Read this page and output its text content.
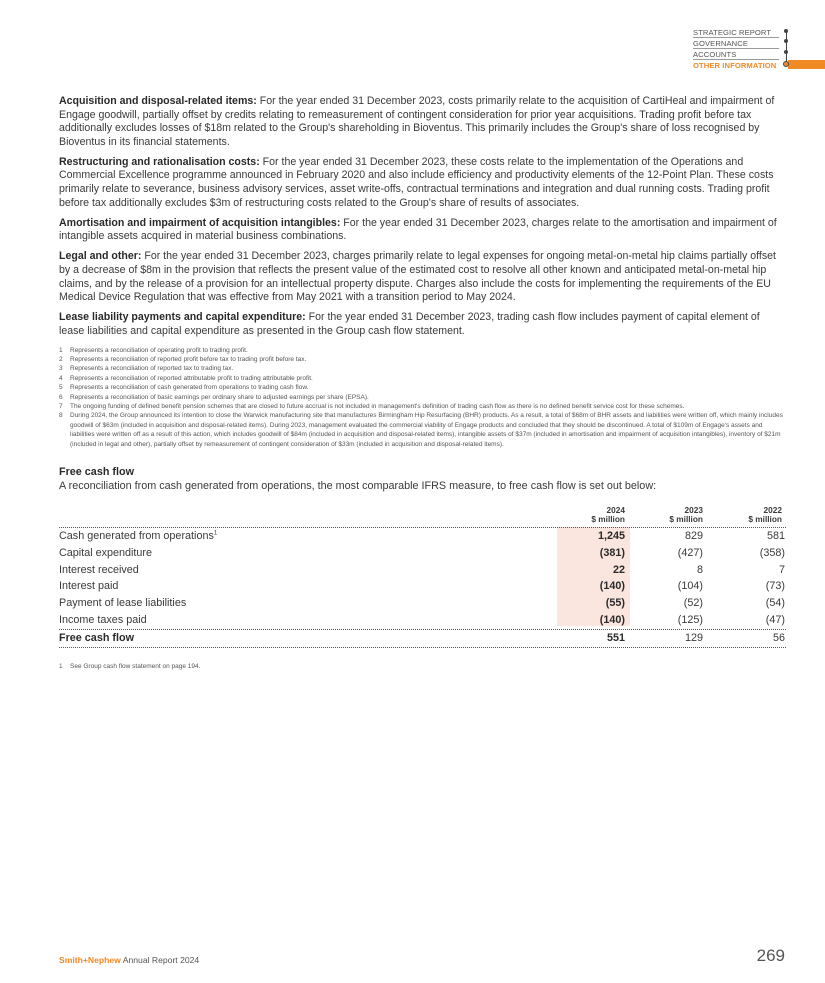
STRATEGIC REPORT
GOVERNANCE
ACCOUNTS
OTHER INFORMATION

Acquisition and disposal-related items: For the year ended 31 December 2023, costs primarily relate to the acquisition of CartiHeal and impairment of Engage goodwill, partially offset by credits relating to remeasurement of contingent consideration for prior year acquisitions. Trading profit before tax additionally excludes losses of $18m related to the Group's shareholding in Bioventus. This primarily includes the Group's share of loss recognised by Bioventus in its financial statements.

Restructuring and rationalisation costs: For the year ended 31 December 2023, these costs relate to the implementation of the Operations and Commercial Excellence programme announced in February 2020 and also include efficiency and productivity elements of the 12-Point Plan. These costs primarily relate to severance, business advisory services, asset write-offs, contractual terminations and integration and dual running costs. Trading profit before tax additionally excludes $3m of restructuring costs related to the Group's share of results of associates.

Amortisation and impairment of acquisition intangibles: For the year ended 31 December 2023, charges relate to the amortisation and impairment of intangible assets acquired in material business combinations.

Legal and other: For the year ended 31 December 2023, charges primarily relate to legal expenses for ongoing metal-on-metal hip claims partially offset by a decrease of $8m in the provision that reflects the present value of the estimated cost to resolve all other known and anticipated metal-on-metal hip claims, and by the release of a provision for an intellectual property dispute. Charges also include the costs for implementing the requirements of the EU Medical Device Regulation that was effective from May 2021 with a transition period to May 2024.

Lease liability payments and capital expenditure: For the year ended 31 December 2023, trading cash flow includes payment of capital element of lease liabilities and capital expenditure as presented in the Group cash flow statement.

1	Represents a reconciliation of operating profit to trading profit.
2	Represents a reconciliation of reported profit before tax to trading profit before tax.
3	Represents a reconciliation of reported tax to trading tax.
4	Represents a reconciliation of reported attributable profit to trading attributable profit.
5	Represents a reconciliation of cash generated from operations to trading cash flow.
6	Represents a reconciliation of basic earnings per ordinary share to adjusted earnings per share (EPSA).
7	The ongoing funding of defined benefit pension schemes that are closed to future accrual is not included in management's definition of trading cash flow as there is no defined benefit service cost for these schemes.
8	During 2024, the Group announced its intention to close the Warwick manufacturing site that manufactures Birmingham Hip Resurfacing (BHR) products. As a result, a total of $68m of BHR assets and liabilities were written off, which mainly includes goodwill of $63m (included in acquisition and disposal-related items). During 2023, management evaluated the commercial viability of Engage products and concluded that they should be discontinued. A total of $109m of Engage's assets and liabilities were written off as a result of this action, which includes goodwill of $84m (included in acquisition and disposal-related items), intangible assets of $37m (included in amortisation and impairment of acquisition intangibles), inventory of $21m (included in legal and other), partially offset by remeasurement of contingent consideration of $33m (included in acquisition and disposal-related items).
Free cash flow
A reconciliation from cash generated from operations, the most comparable IFRS measure, to free cash flow is set out below:
2024
$ million
2023
$ million
2022
$ million
Cash generated from operations$^1$	1,245	829	581
Capital expenditure	(381)	(427)	(358)
Interest received	22	8	7
Interest paid	(140)	(104)	(73)
Payment of lease liabilities	(55)	(52)	(54)
Income taxes paid	(140)	(125)	(47)
Free cash flow	551	129	56
1	See Group cash flow statement on page 194.
Smith+Nephew Annual Report 2024	269
